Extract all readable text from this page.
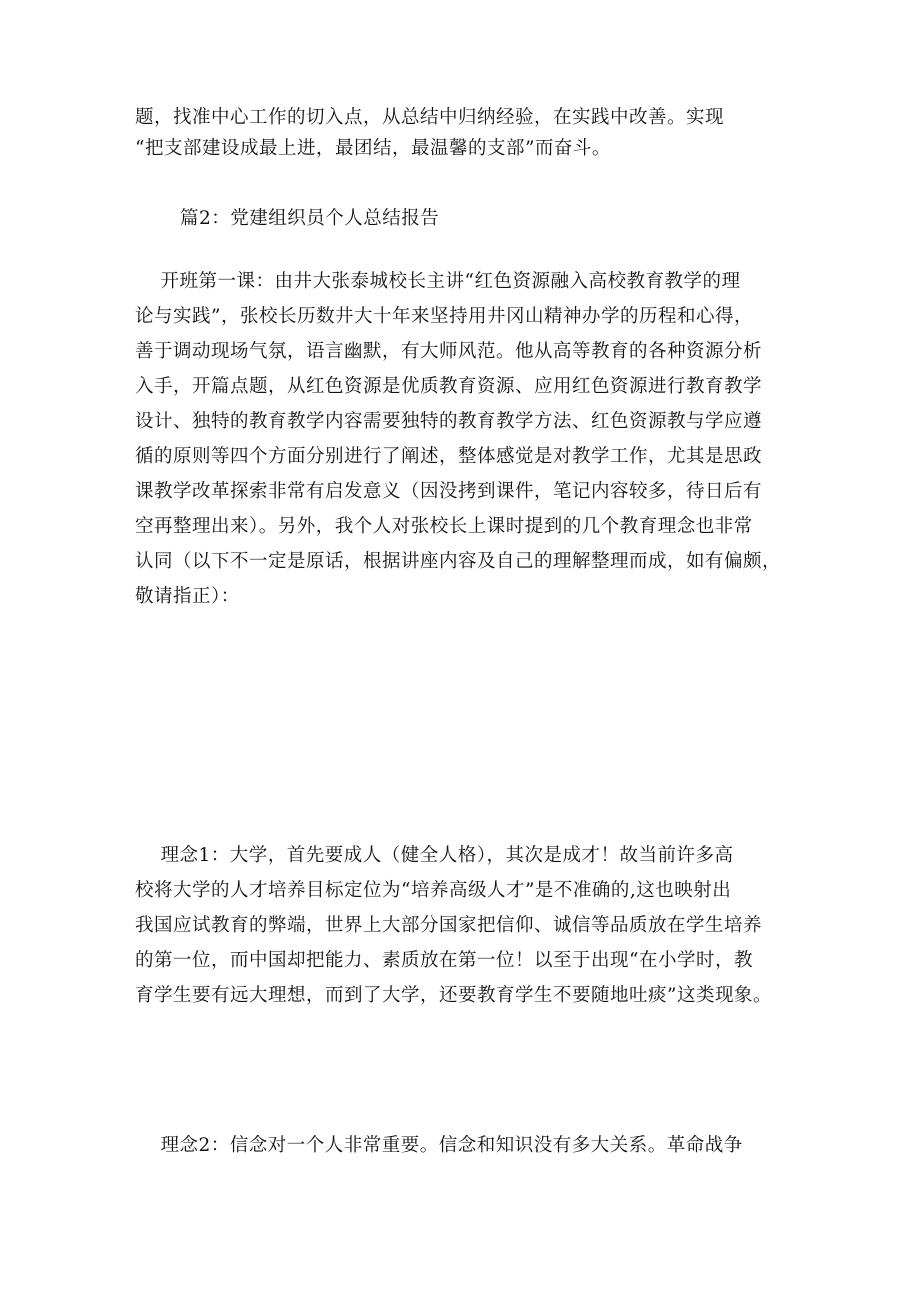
题，找准中心工作的切入点，从总结中归纳经验，在实践中改善。实现
“把支部建设成最上进，最团结，最温馨的支部”而奋斗。
篇2：党建组织员个人总结报告
开班第一课：由井大张泰城校长主讲“红色资源融入高校教育教学的理
论与实践”，张校长历数井大十年来坚持用井冈山精神办学的历程和心得，
善于调动现场气氛，语言幽默，有大师风范。他从高等教育的各种资源分析
入手，开篇点题，从红色资源是优质教育资源、应用红色资源进行教育教学
设计、独特的教育教学内容需要独特的教育教学方法、红色资源教与学应遵
循的原则等四个方面分别进行了阐述，整体感觉是对教学工作，尤其是思政
课教学改革探索非常有启发意义（因没拷到课件，笔记内容较多，待日后有
空再整理出来）。另外，我个人对张校长上课时提到的几个教育理念也非常
认同（以下不一定是原话，根据讲座内容及自己的理解整理而成，如有偏颇，
敬请指正）：
理念1：大学，首先要成人（健全人格），其次是成才！故当前许多高
校将大学的人才培养目标定位为“培养高级人才”是不准确的,这也映射出
我国应试教育的弊端，世界上大部分国家把信仰、诚信等品质放在学生培养
的第一位，而中国却把能力、素质放在第一位！以至于出现“在小学时，教
育学生要有远大理想，而到了大学，还要教育学生不要随地吐痰”这类现象。
理念2：信念对一个人非常重要。信念和知识没有多大关系。革命战争
